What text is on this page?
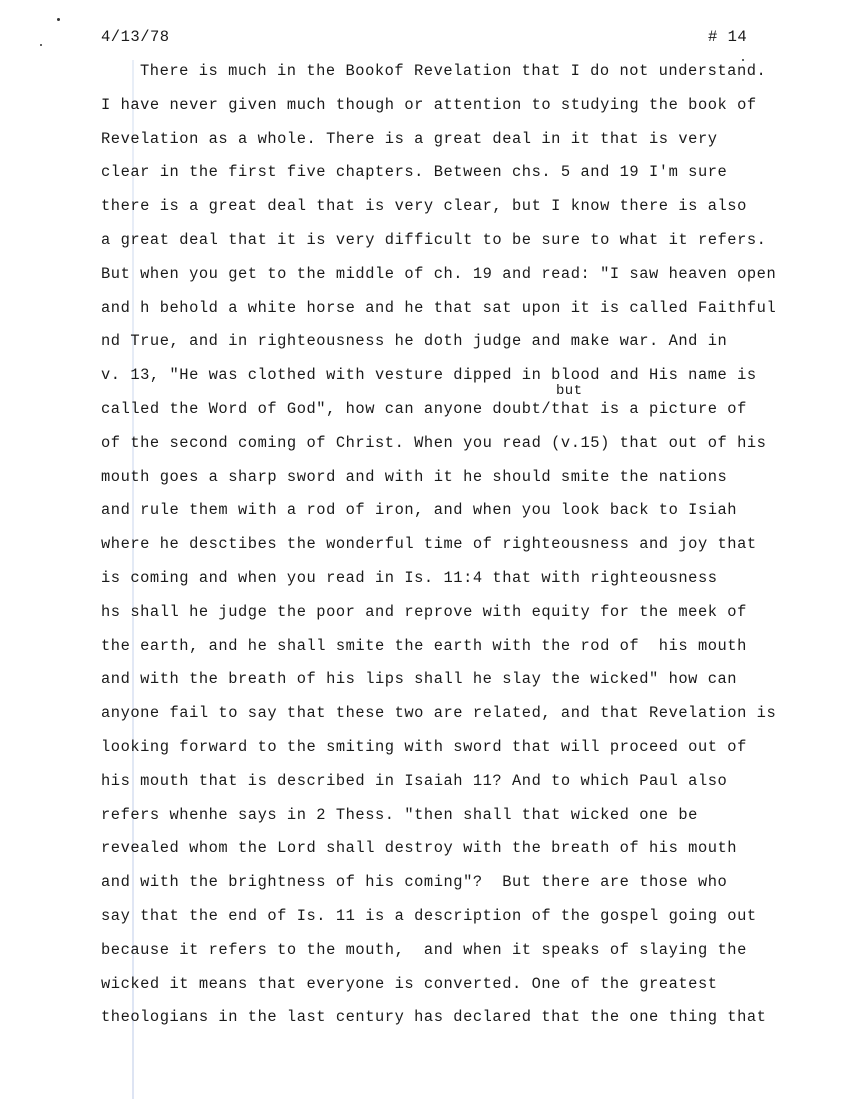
4/13/78	# 14
There is much in the Bookof Revelation that I do not understand.
I have never given much though or attention to studying the book of
Revelation as a whole. There is a great deal in it that is very
clear in the first five chapters. Between chs. 5 and 19 I'm sure
there is a great deal that is very clear, but I know there is also
a great deal that it is very difficult to be sure to what it refers.
But when you get to the middle of ch. 19 and read: "I saw heaven open
and h behold a white horse and he that sat upon it is called Faithful
nd True, and in righteousness he doth judge and make war. And in
v. 13, "He was clothed with vesture dipped in blood and His name is
called the Word of God", how can anyone doubt/that is a picture of
of the second coming of Christ. When you read (v.15) that out of his
mouth goes a sharp sword and with it he should smite the nations
and rule them with a rod of iron, and when you look back to Isiah
where he desctibes the wonderful time of righteousness and joy that
is coming and when you read in Is. 11:4 that with righteousness
hs shall he judge the poor and reprove with equity for the meek of
the earth, and he shall smite the earth with the rod of  his mouth
and with the breath of his lips shall he slay the wicked" how can
anyone fail to say that these two are related, and that Revelation is
looking forward to the smiting with sword that will proceed out of
his mouth that is described in Isaiah 11? And to which Paul also
refers whenhe says in 2 Thess. "then shall that wicked one be
revealed whom the Lord shall destroy with the breath of his mouth
and with the brightness of his coming"?  But there are those who
say that the end of Is. 11 is a description of the gospel going out
because it refers to the mouth,  and when it speaks of slaying the
wicked it means that everyone is converted. One of the greatest
theologians in the last century has declared that the one thing that
but
